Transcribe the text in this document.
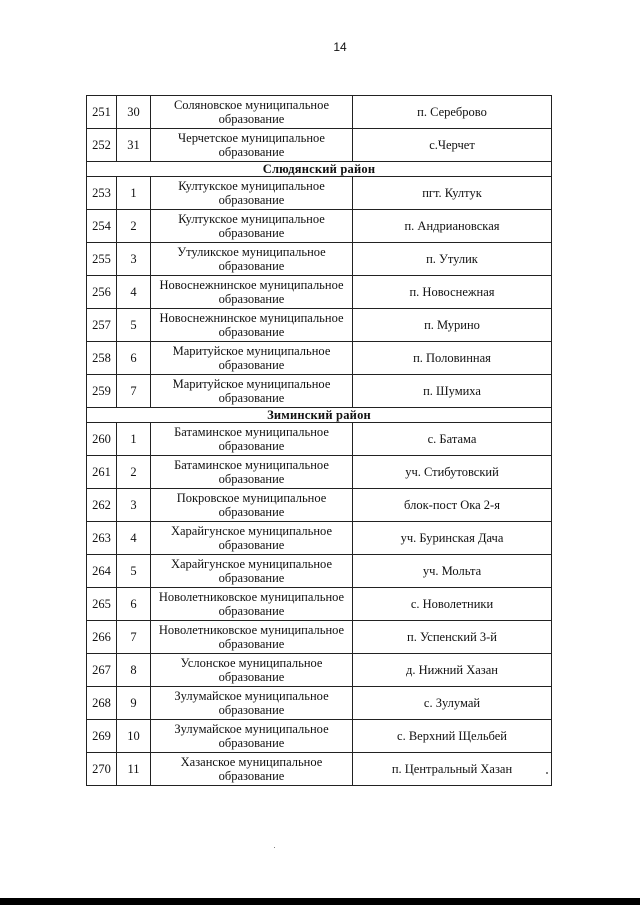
14
251	30	Соляновское муниципальное образование	п. Сереброво
252	31	Черчетское муниципальное образование	с.Черчет
Слюдянский район			
253	1	Култукское муниципальное образование	пгт. Култук
254	2	Култукское муниципальное образование	п. Андриановская
255	3	Утуликское муниципальное образование	п. Утулик
256	4	Новоснежнинское муниципальное образование	п. Новоснежная
257	5	Новоснежнинское муниципальное образование	п. Мурино
258	6	Маритуйское муниципальное образование	п. Половинная
259	7	Маритуйское муниципальное образование	п. Шумиха
Зиминский район			
260	1	Батаминское муниципальное образование	с. Батама
261	2	Батаминское муниципальное образование	уч. Стибутовский
262	3	Покровское муниципальное образование	блок-пост Ока 2-я
263	4	Харайгунское муниципальное образование	уч. Буринская Дача
264	5	Харайгунское муниципальное образование	уч. Мольта
265	6	Новолетниковское муниципальное образование	с. Новолетники
266	7	Новолетниковское муниципальное образование	п. Успенский 3-й
267	8	Услонское муниципальное образование	д. Нижний Хазан
268	9	Зулумайское муниципальное образование	с. Зулумай
269	10	Зулумайское муниципальное образование	с. Верхний Щельбей
270	11	Хазанское муниципальное образование	п. Центральный Хазан
